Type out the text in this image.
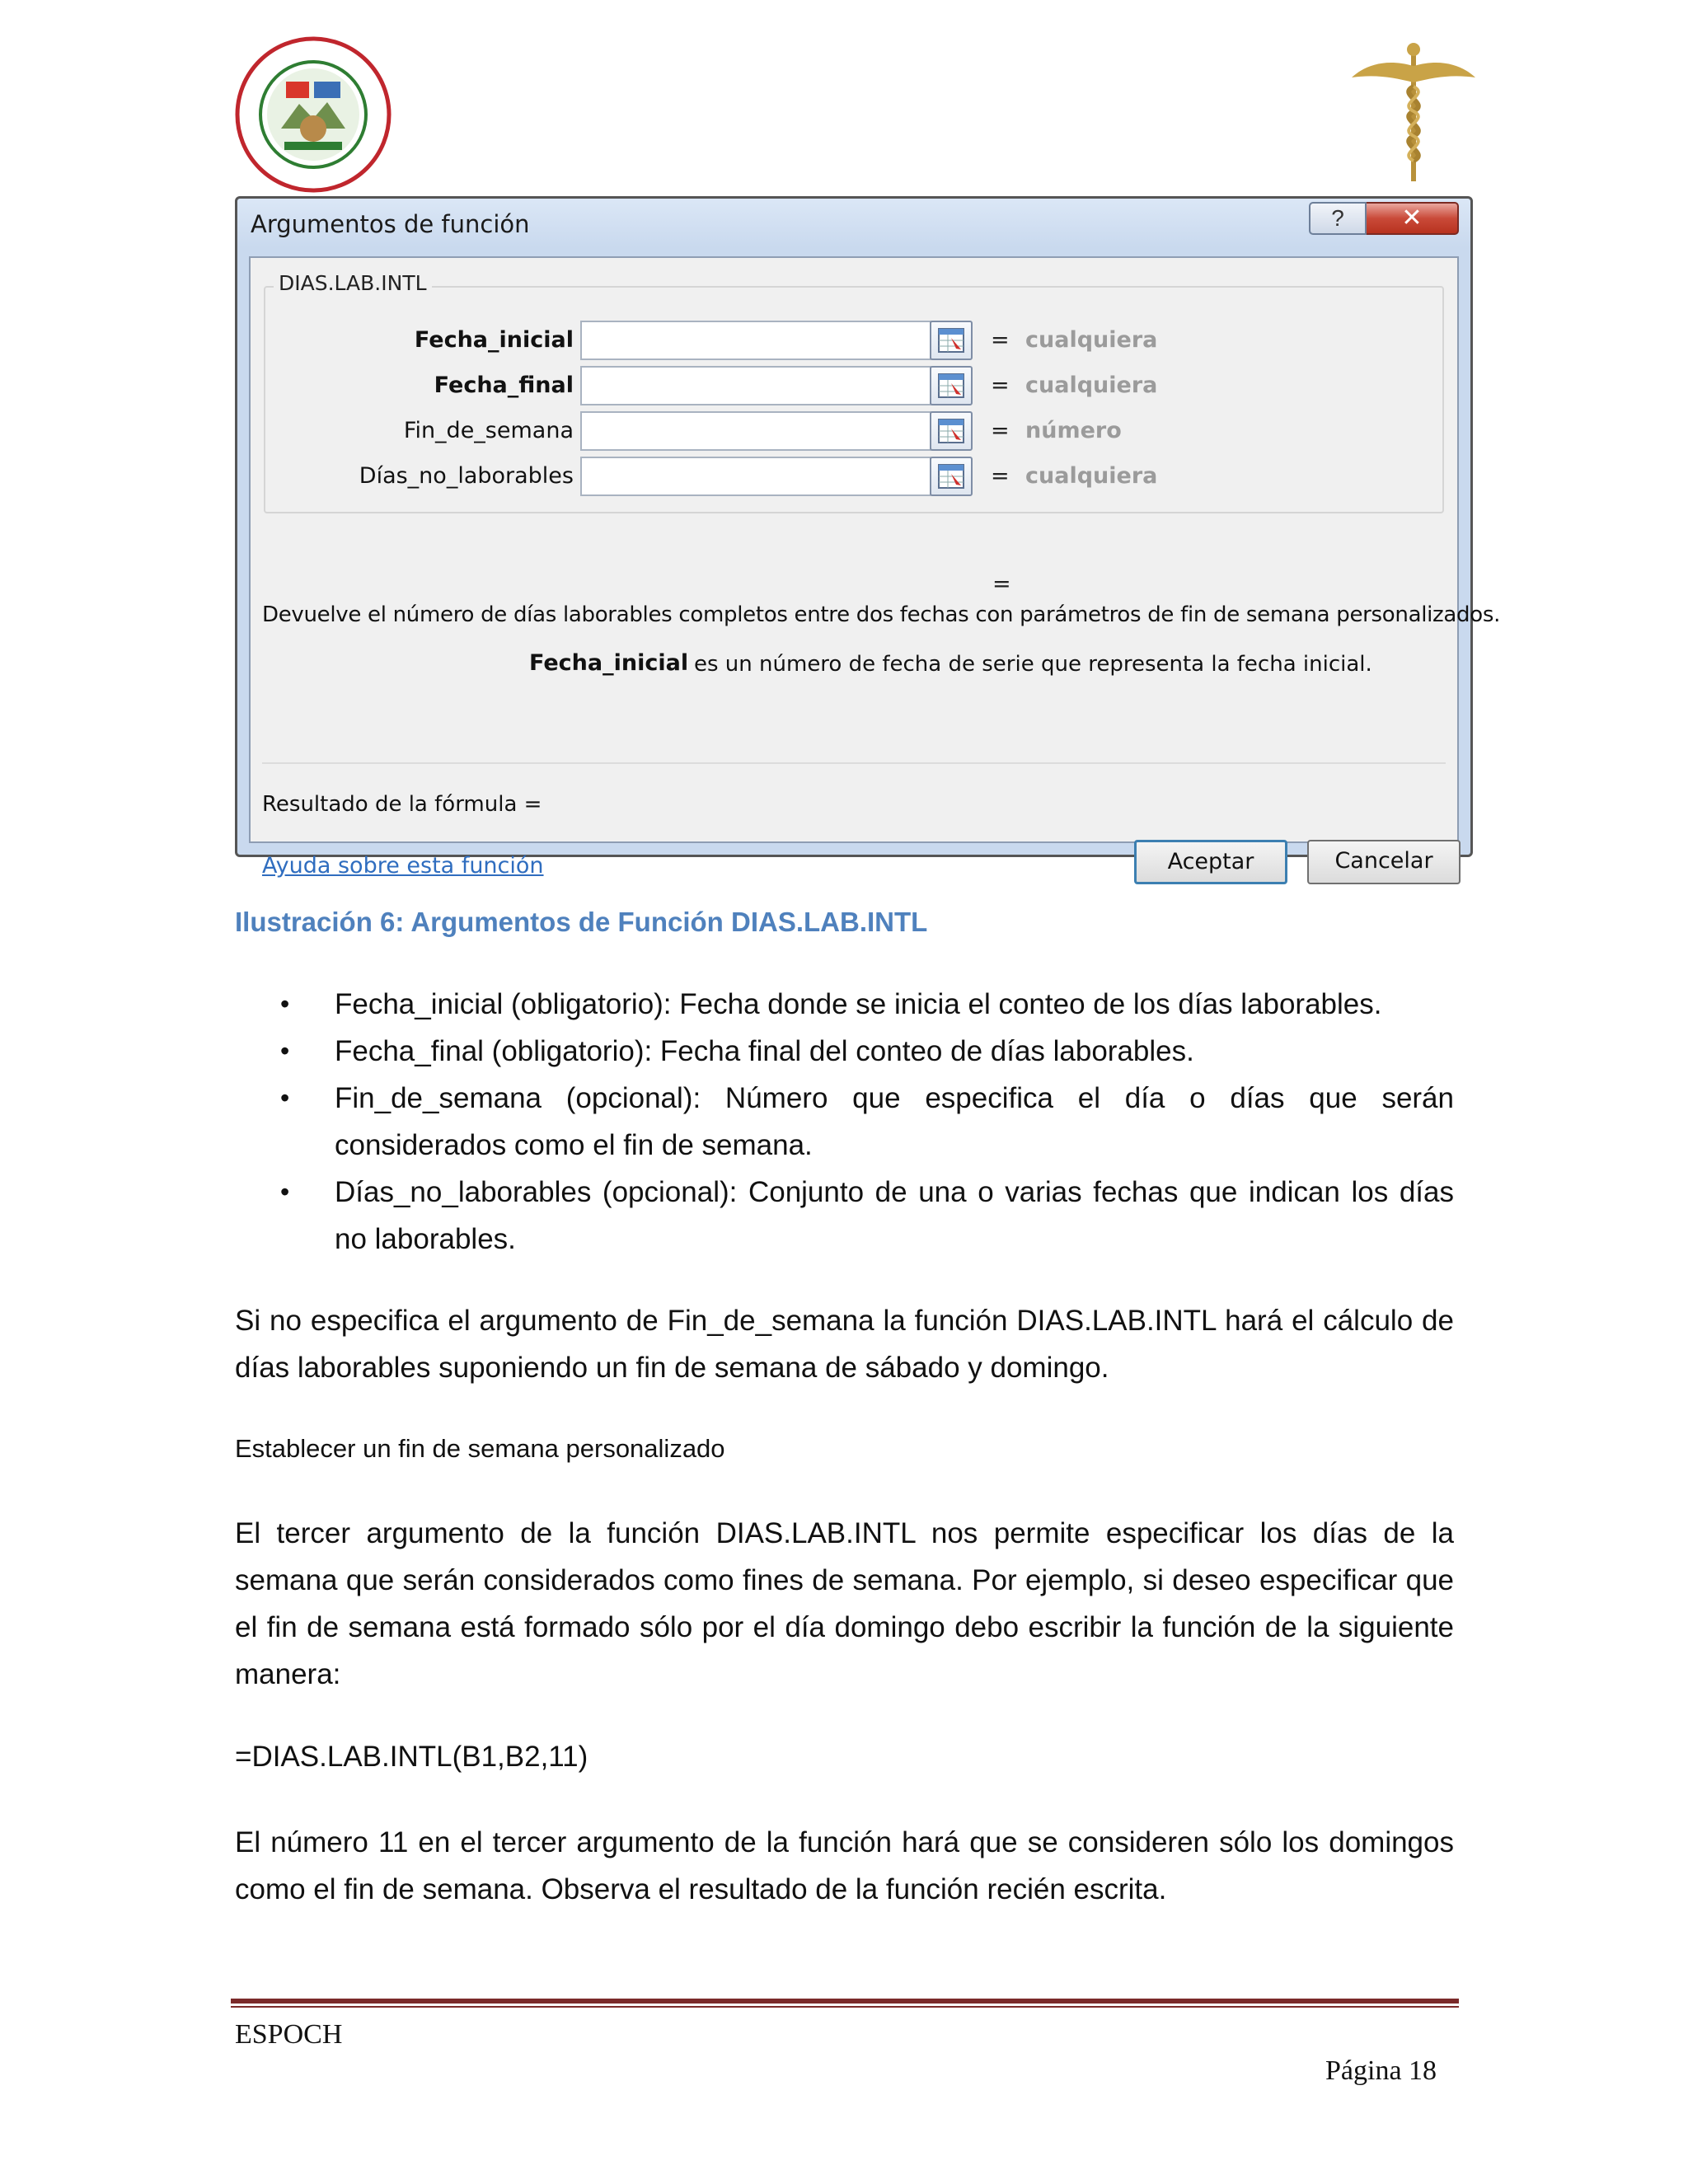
Argumentos de función	?	✕
DIAS.LAB.INTL
Fecha_inicial	= cualquiera
Fecha_final	= cualquiera
Fin_de_semana	= número
Días_no_laborables	= cualquiera
=
Devuelve el número de días laborables completos entre dos fechas con parámetros de fin de semana personalizados.
Fecha_inicial es un número de fecha de serie que representa la fecha inicial.
Resultado de la fórmula =
Ayuda sobre esta función	Aceptar	Cancelar
Ilustración 6: Argumentos de Función DIAS.LAB.INTL
• Fecha_inicial (obligatorio): Fecha donde se inicia el conteo de los días laborables.
• Fecha_final (obligatorio): Fecha final del conteo de días laborables.
• Fin_de_semana (opcional): Número que especifica el día o días que serán considerados como el fin de semana.
• Días_no_laborables (opcional): Conjunto de una o varias fechas que indican los días no laborables.

Si no especifica el argumento de Fin_de_semana la función DIAS.LAB.INTL hará el cálculo de días laborables suponiendo un fin de semana de sábado y domingo.

Establecer un fin de semana personalizado

El tercer argumento de la función DIAS.LAB.INTL nos permite especificar los días de la semana que serán considerados como fines de semana. Por ejemplo, si deseo especificar que el fin de semana está formado sólo por el día domingo debo escribir la función de la siguiente manera:

=DIAS.LAB.INTL(B1,B2,11)

El número 11 en el tercer argumento de la función hará que se consideren sólo los domingos como el fin de semana. Observa el resultado de la función recién escrita.

ESPOCH
Página 18
